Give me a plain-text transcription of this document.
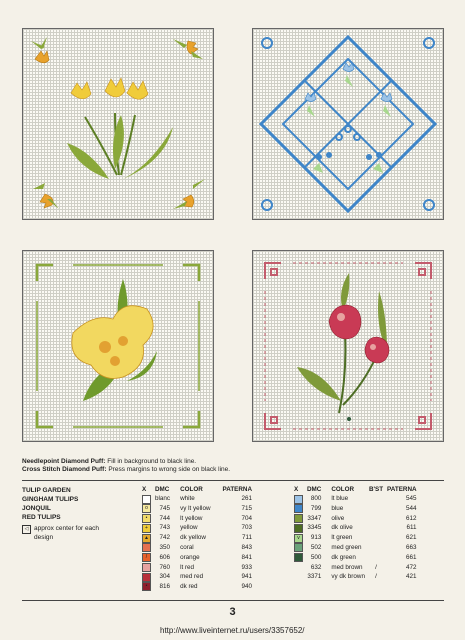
Needlepoint Diamond Puff: Fill in background to black line.
Cross Stitch Diamond Puff: Press margins to wrong side on black line.
TULIP GARDEN
GINGHAM TULIPS
JONQUIL
RED TULIPS
◁ approx center for each design
X	DMC	COLOR	PATERNA
	blanc	white	261
o	745	vy lt yellow	715
•	744	lt yellow	704
+	743	yellow	703
▲	742	dk yellow	711
	350	coral	843
/	606	orange	841
	760	lt red	933
	304	med red	941
•	816	dk red	940
X	DMC	COLOR	B'ST	PATERNA
	800	lt blue		545
	799	blue		544
	3347	olive		612
	3345	dk olive		611
v	913	lt green		621
	502	med green		663
	500	dk green		661
	632	med brown	/	472
	3371	vy dk brown	/	421
3
http://www.liveinternet.ru/users/3357652/
